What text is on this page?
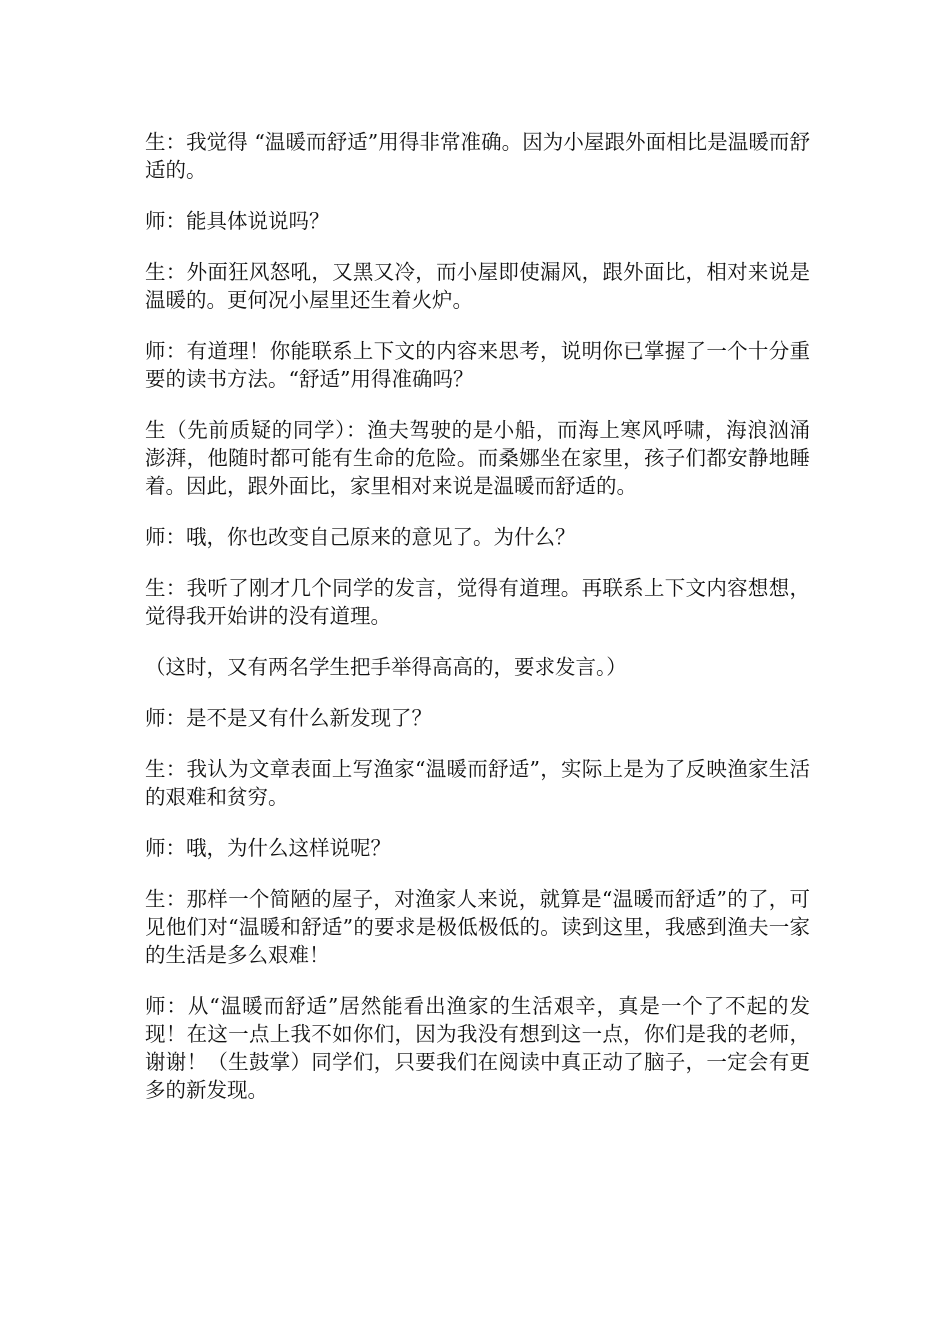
生：我觉得 “温暖而舒适”用得非常准确。因为小屋跟外面相比是温暖而舒适的。

师：能具体说说吗？

生：外面狂风怒吼，又黑又冷，而小屋即使漏风，跟外面比，相对来说是温暖的。更何况小屋里还生着火炉。

师：有道理！你能联系上下文的内容来思考，说明你已掌握了一个十分重要的读书方法。“舒适”用得准确吗？

生（先前质疑的同学）：渔夫驾驶的是小船，而海上寒风呼啸，海浪汹涌澎湃，他随时都可能有生命的危险。而桑娜坐在家里，孩子们都安静地睡着。因此，跟外面比，家里相对来说是温暖而舒适的。

师：哦，你也改变自己原来的意见了。为什么？

生：我听了刚才几个同学的发言，觉得有道理。再联系上下文内容想想，觉得我开始讲的没有道理。

（这时，又有两名学生把手举得高高的，要求发言。）

师：是不是又有什么新发现了？

生：我认为文章表面上写渔家“温暖而舒适”，实际上是为了反映渔家生活的艰难和贫穷。

师：哦，为什么这样说呢？

生：那样一个简陋的屋子，对渔家人来说，就算是“温暖而舒适”的了，可见他们对“温暖和舒适”的要求是极低极低的。读到这里，我感到渔夫一家的生活是多么艰难！

师：从“温暖而舒适”居然能看出渔家的生活艰辛，真是一个了不起的发现！在这一点上我不如你们，因为我没有想到这一点，你们是我的老师，谢谢！（生鼓掌）同学们，只要我们在阅读中真正动了脑子，一定会有更多的新发现。
